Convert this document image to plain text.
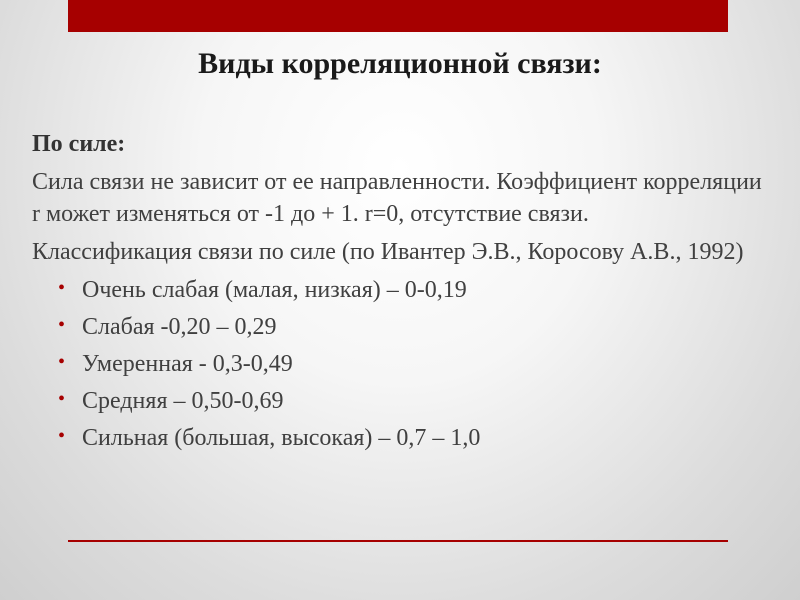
Виды корреляционной связи:

По силе:

Сила связи не зависит от ее направленности. Коэффициент корреляции r может изменяться от -1 до + 1. r=0, отсутствие связи.

Классификация связи по силе (по Ивантер Э.В., Коросову А.В., 1992)

• Очень слабая (малая, низкая) – 0-0,19
• Слабая -0,20 – 0,29
• Умеренная - 0,3-0,49
• Средняя – 0,50-0,69
• Сильная (большая, высокая) – 0,7 – 1,0
